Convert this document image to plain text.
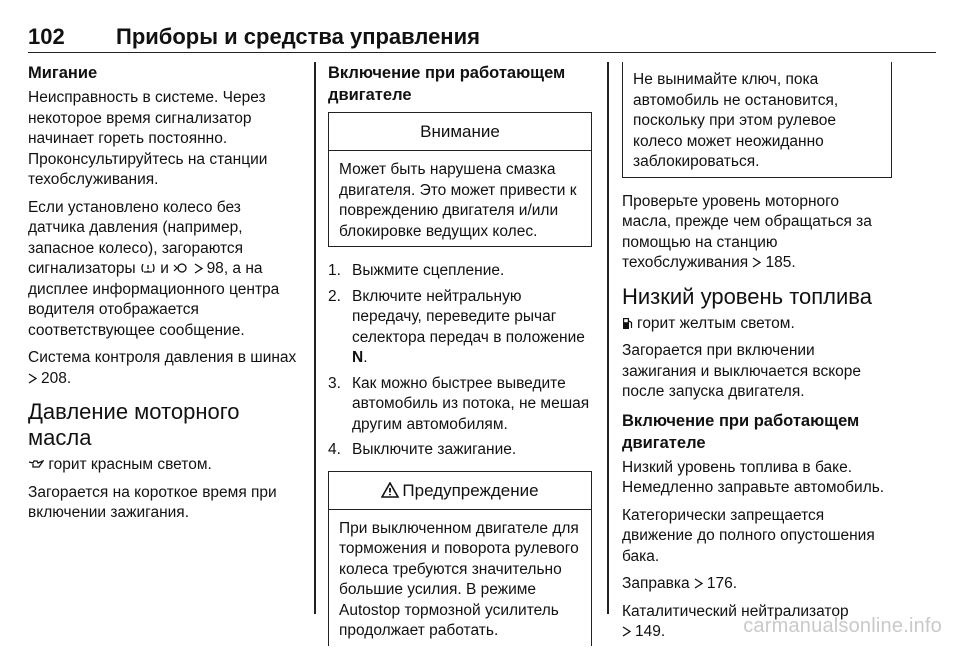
102 Приборы и средства управления
Мигание

Неисправность в системе. Через некоторое время сигнализатор начинает гореть постоянно. Проконсультируйтесь на станции техобслуживания.

Если установлено колесо без датчика давления (например, запасное колесо), загораются сигнализаторы и 98, а на дисплее информационного центра водителя отображается соответствующее сообщение.

Система контроля давления в шинах 208.

Давление моторного масла

горит красным светом.

Загорается на короткое время при включении зажигания.

Включение при работающем двигателе
Внимание
Может быть нарушена смазка двигателя. Это может привести к повреждению двигателя и/или блокировке ведущих колес.
1. Выжмите сцепление.
2. Включите нейтральную передачу, переведите рычаг селектора передач в положение N.
3. Как можно быстрее выведите автомобиль из потока, не мешая другим автомобилям.
4. Выключите зажигание.
Предупреждение
При выключенном двигателе для торможения и поворота рулевого колеса требуются значительно большие усилия. В режиме Autostop тормозной усилитель продолжает работать.
Не вынимайте ключ, пока автомобиль не остановится, поскольку при этом рулевое колесо может неожиданно заблокироваться.

Проверьте уровень моторного масла, прежде чем обращаться за помощью на станцию техобслуживания 185.

Низкий уровень топлива

горит желтым светом.

Загорается при включении зажигания и выключается вскоре после запуска двигателя.

Включение при работающем двигателе

Низкий уровень топлива в баке. Немедленно заправьте автомобиль.

Категорически запрещается движение до полного опустошения бака.

Заправка 176.

Каталитический нейтрализатор
149.	carmanualsonline.info
